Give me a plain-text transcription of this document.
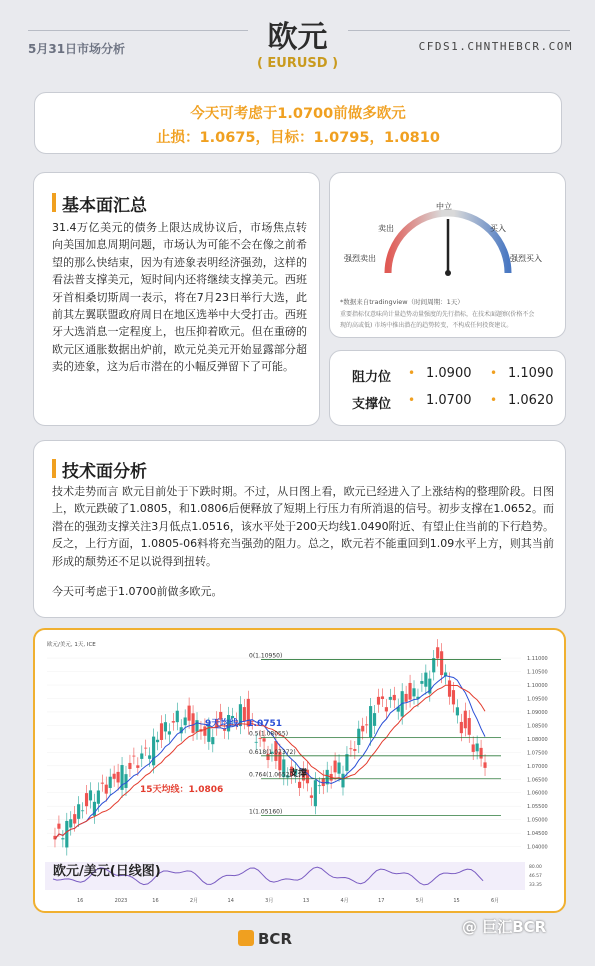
5月31日市场分析	欧元
( EURUSD )
CFDS1.CHNTHEBCR.COM
今天可考虑于1.0700前做多欧元
止损：1.0675，目标：1.0795，1.0810
基本面汇总
31.4万亿美元的债务上限达成协议后，市场焦点转向美国加息周期问题，市场认为可能不会在像之前希望的那么快结束，因为有迹象表明经济强劲，这样的看法普支撑美元，短时间内还将继续支撑美元。西班牙首相桑切斯周一表示，将在7月23日举行大选，此前其左翼联盟政府周日在地区选举中大受打击。西班牙大选消息一定程度上，也压抑着欧元。但在重磅的欧元区通胀数据出炉前，欧元兑美元开始显露部分超卖的迹象，这为后市潜在的小幅反弹留下了可能。
中立
卖出	买入
强烈卖出	强烈买入
*数据来自tradingview（时间周期：1天）
重要指标仅意味尚计量趋势动量强度的先行指标，在技术面题察(价格不会
现的高或低) 市场中推出潜在的趋势转变，不构成任何投资建议。
阻力位 • 1.0900 • 1.1090
支撑位 • 1.0700 • 1.0620
技术面分析
技术走势而言 欧元目前处于下跌时期。不过，从日图上看，欧元已经进入了上涨结构的整理阶段。日图上，欧元跌破了1.0805，和1.0806后便释放了短期上行压力有所消退的信号。初步支撑在1.0652。而潜在的强劲支撑关注3月低点1.0516，该水平处于200天均线1.0490附近、有望止住当前的下行趋势。反之，上行方面，1.0805-06料将充当强劲的阻力。总之，欧元若不能重回到1.09水平上方，则其当前形成的颓势还不足以说得到扭转。
今天可考虑于1.0700前做多欧元。
0(1.10950)
0.5(1.08055)
0.618(1.07372)
0.764(1.06520)
1(1.05160)
1.11000
1.10500
1.10000
1.09500
1.09000
1.08500
1.08000
1.07500
1.07000
1.06500
1.06000
1.05500
1.05000
1.04500
1.04000
16	2023	16	2月	14	3月	13	4月	17	5月	15	6月
80.00
46.57
33.35
欧元/美元, 1天, ICE
9天均线：1.0751
15天均线：1.0806
支撑
欧元/美元(日线图)
BCR
@ 巨汇BCR
